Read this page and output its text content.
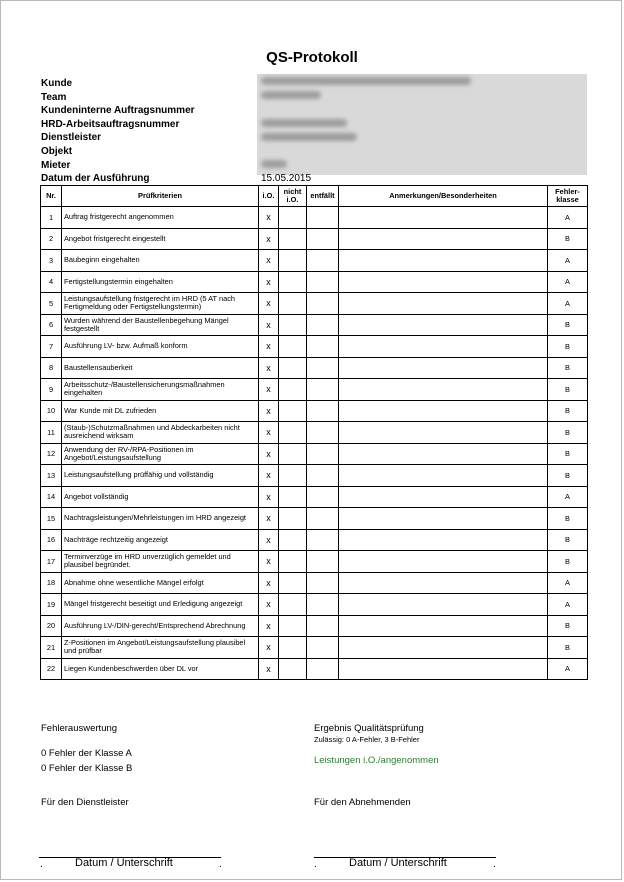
QS-Protokoll
Kunde
Team
Kundeninterne Auftragsnummer
HRD-Arbeitsauftragsnummer
Dienstleister
Objekt
Mieter
Datum der Ausführung	15.05.2015
Nr.	Prüfkriterien	i.O.	nicht i.O.	entfällt	Anmerkungen/Besonderheiten	Fehler-klasse
1	Auftrag fristgerecht angenommen	x				A
2	Angebot fristgerecht eingestellt	x				B
3	Baubeginn eingehalten	x				A
4	Fertigstellungstermin eingehalten	x				A
5	Leistungsaufstellung fristgerecht im HRD (5 AT nach Fertigmeldung oder Fertigstellungstermin)	x				A
6	Wurden während der Baustellenbegehung Mängel festgestellt	x				B
7	Ausführung LV- bzw. Aufmaß konform	x				B
8	Baustellensauberkeit	x				B
9	Arbeitsschutz-/Baustellensicherungsmaßnahmen eingehalten	x				B
10	War Kunde mit DL zufrieden	x				B
11	(Staub-)Schutzmaßnahmen und Abdeckarbeiten nicht ausreichend wirksam	x				B
12	Anwendung der RV-/RPA-Positionen im Angebot/Leistungsaufstellung	x				B
13	Leistungsaufstellung prüffähig und vollständig	x				B
14	Angebot vollständig	x				A
15	Nachtragsleistungen/Mehrleistungen im HRD angezeigt	x				B
16	Nachträge rechtzeitig angezeigt	x				B
17	Terminverzüge im HRD unverzüglich gemeldet und plausibel begründet.	x				B
18	Abnahme ohne wesentliche Mängel erfolgt	x				A
19	Mängel fristgerecht beseitigt und Erledigung angezeigt	x				A
20	Ausführung LV-/DIN-gerecht/Entsprechend Abrechnung	x				B
21	Z-Positionen im Angebot/Leistungsaufstellung plausibel und prüfbar	x				B
22	Liegen Kundenbeschwerden über DL vor	x				A
Fehlerauswertung
0 Fehler der Klasse A
0 Fehler der Klasse B
Ergebnis Qualitätsprüfung
Zulässig: 0 A-Fehler, 3 B-Fehler
Leistungen i.O./angenommen
Für den Dienstleister	Für den Abnehmenden
.	Datum / Unterschrift	.	.	Datum / Unterschrift	.
